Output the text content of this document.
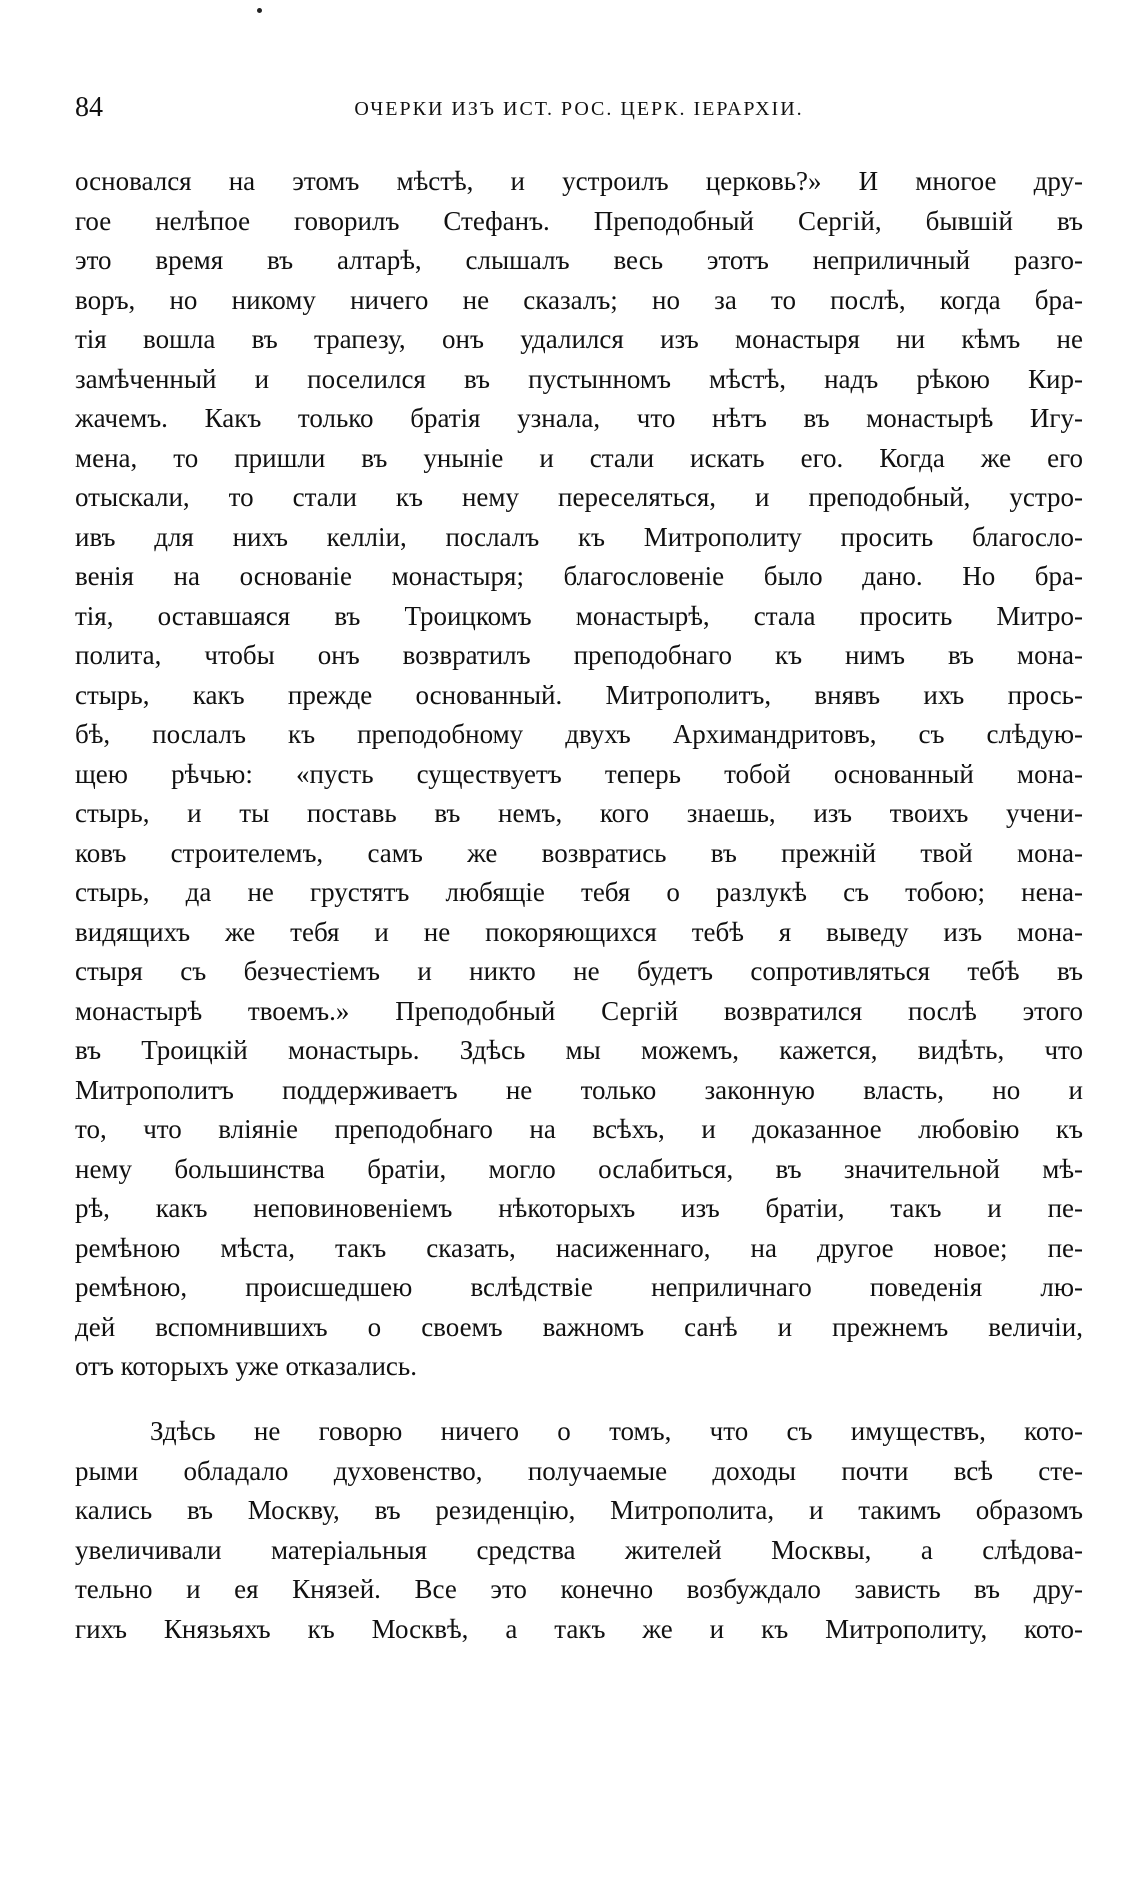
84	ОЧЕРКИ ИЗЪ ИСТ. РОС. ЦЕРК. ІЕРАРХІИ.
основался на этомъ мѣстѣ, и устроилъ церковь?» И многое дру-
гое нелѣпое говорилъ Стефанъ. Преподобный Сергій, бывшій въ
это время въ алтарѣ, слышалъ весь этотъ неприличный разго-
воръ, но никому ничего не сказалъ; но за то послѣ, когда бра-
тія вошла въ трапезу, онъ удалился изъ монастыря ни кѣмъ не
замѣченный и поселился въ пустынномъ мѣстѣ, надъ рѣкою Кир-
жачемъ. Какъ только братія узнала, что нѣтъ въ монастырѣ Игу-
мена, то пришли въ уныніе и стали искать его. Когда же его
отыскали, то стали къ нему переселяться, и преподобный, устро-
ивъ для нихъ келліи, послалъ къ Митрополиту просить благосло-
венія на основаніе монастыря; благословеніе было дано. Но бра-
тія, оставшаяся въ Троицкомъ монастырѣ, стала просить Митро-
полита, чтобы онъ возвратилъ преподобнаго къ нимъ въ мона-
стырь, какъ прежде основанный. Митрополитъ, внявъ ихъ прось-
бѣ, послалъ къ преподобному двухъ Архимандритовъ, съ слѣдую-
щею рѣчью: «пусть существуетъ теперь тобой основанный мона-
стырь, и ты поставь въ немъ, кого знаешь, изъ твоихъ учени-
ковъ строителемъ, самъ же возвратись въ прежній твой мона-
стырь, да не грустятъ любящіе тебя о разлукѣ съ тобою; нена-
видящихъ же тебя и не покоряющихся тебѣ я выведу изъ мона-
стыря съ безчестіемъ и никто не будетъ сопротивляться тебѣ въ
монастырѣ твоемъ.» Преподобный Сергій возвратился послѣ этого
въ Троицкій монастырь. Здѣсь мы можемъ, кажется, видѣть, что
Митрополитъ поддерживаетъ не только законную власть, но и
то, что вліяніе преподобнаго на всѣхъ, и доказанное любовію къ
нему большинства братіи, могло ослабиться, въ значительной мѣ-
рѣ, какъ неповиновеніемъ нѣкоторыхъ изъ братіи, такъ и пе-
ремѣною мѣста, такъ сказать, насиженнаго, на другое новое; пе-
ремѣною, происшедшею вслѣдствіе неприличнаго поведенія лю-
дей вспомнившихъ о своемъ важномъ санѣ и прежнемъ величіи,
отъ которыхъ уже отказались.
Здѣсь не говорю ничего о томъ, что съ имуществъ, кото-
рыми обладало духовенство, получаемые доходы почти всѣ сте-
кались въ Москву, въ резиденцію, Митрополита, и такимъ образомъ
увеличивали матеріальныя средства жителей Москвы, а слѣдова-
тельно и ея Князей. Все это конечно возбуждало зависть въ дру-
гихъ Князьяхъ къ Москвѣ, а такъ же и къ Митрополиту, кото-
